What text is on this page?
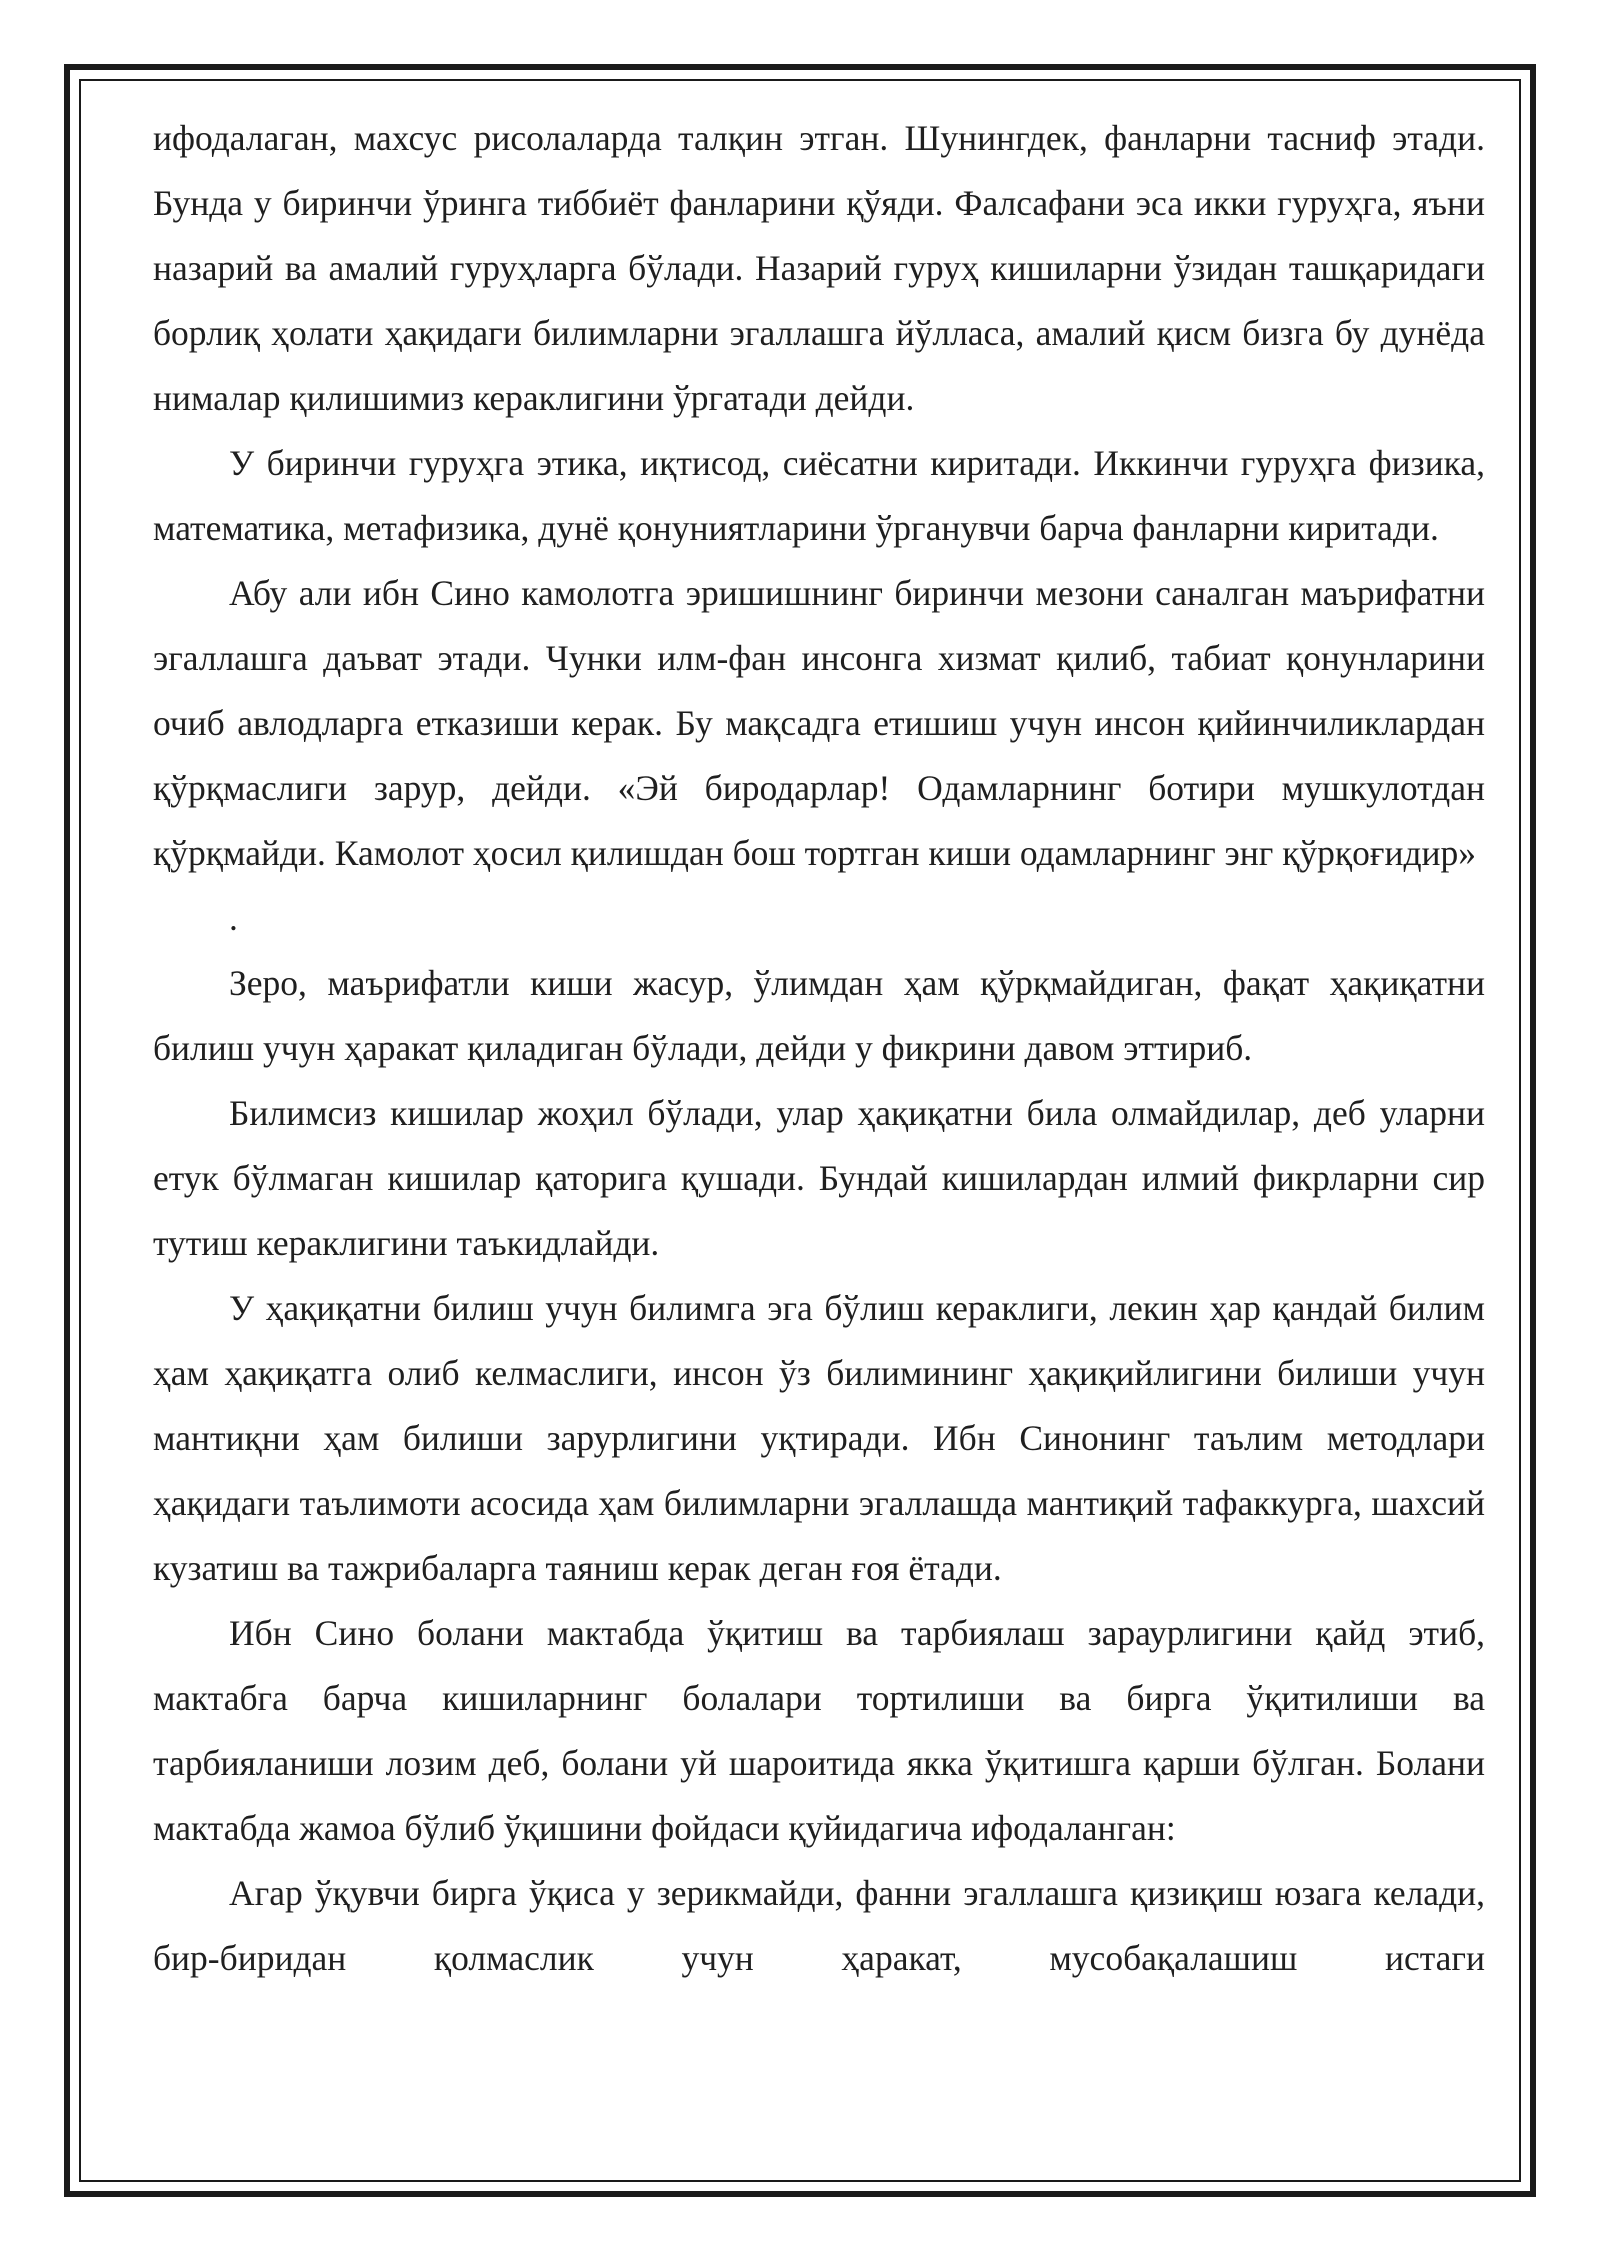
ифодалаган, махсус рисолаларда талқин этган. Шунингдек, фанларни тасниф этади. Бунда у биринчи ўринга тиббиёт фанларини қўяди. Фалсафани эса икки гуруҳга, яъни назарий ва амалий гуруҳларга бўлади. Назарий гуруҳ кишиларни ўзидан ташқаридаги борлиқ ҳолати ҳақидаги билимларни эгаллашга йўлласа, амалий қисм бизга бу дунёда нималар қилишимиз кераклигини ўргатади дейди.

У биринчи гуруҳга этика, иқтисод, сиёсатни киритади. Иккинчи гуруҳга физика, математика, метафизика, дунё қонуниятларини ўрганувчи барча фанларни киритади.

Абу али ибн Сино камолотга эришишнинг биринчи мезони саналган маърифатни эгаллашга даъват этади. Чунки илм-фан инсонга хизмат қилиб, табиат қонунларини очиб авлодларга етказиши керак. Бу мақсадга етишиш учун инсон қийинчиликлардан қўрқмаслиги зарур, дейди. «Эй биродарлар! Одамларнинг ботири мушкулотдан қўрқмайди. Камолот ҳосил қилишдан бош тортган киши одамларнинг энг қўрқоғидир»

.

Зеро, маърифатли киши жасур, ўлимдан ҳам қўрқмайдиган, фақат ҳақиқатни билиш учун ҳаракат қиладиган бўлади, дейди у фикрини давом эттириб.

Билимсиз кишилар жоҳил бўлади, улар ҳақиқатни била олмайдилар, деб уларни етук бўлмаган кишилар қаторига қушади. Бундай кишилардан илмий фикрларни сир тутиш кераклигини таъкидлайди.

У ҳақиқатни билиш учун билимга эга бўлиш кераклиги, лекин ҳар қандай билим ҳам ҳақиқатга олиб келмаслиги, инсон ўз билимининг ҳақиқийлигини билиши учун мантиқни ҳам билиши зарурлигини уқтиради. Ибн Синонинг таълим методлари ҳақидаги таълимоти асосида ҳам билимларни эгаллашда мантиқий тафаккурга, шахсий кузатиш ва тажрибаларга таяниш керак деган ғоя ётади.

Ибн Сино болани мактабда ўқитиш ва тарбиялаш зараурлигини қайд этиб, мактабга барча кишиларнинг болалари тортилиши ва бирга ўқитилиши ва тарбияланиши лозим деб, болани уй шароитида якка ўқитишга қарши бўлган. Болани мактабда жамоа бўлиб ўқишини фойдаси қуйидагича ифодаланган:

Агар ўқувчи бирга ўқиса у зерикмайди, фанни эгаллашга қизиқиш юзага келади, бир-биридан қолмаслик учун ҳаракат, мусобақалашиш истаги
